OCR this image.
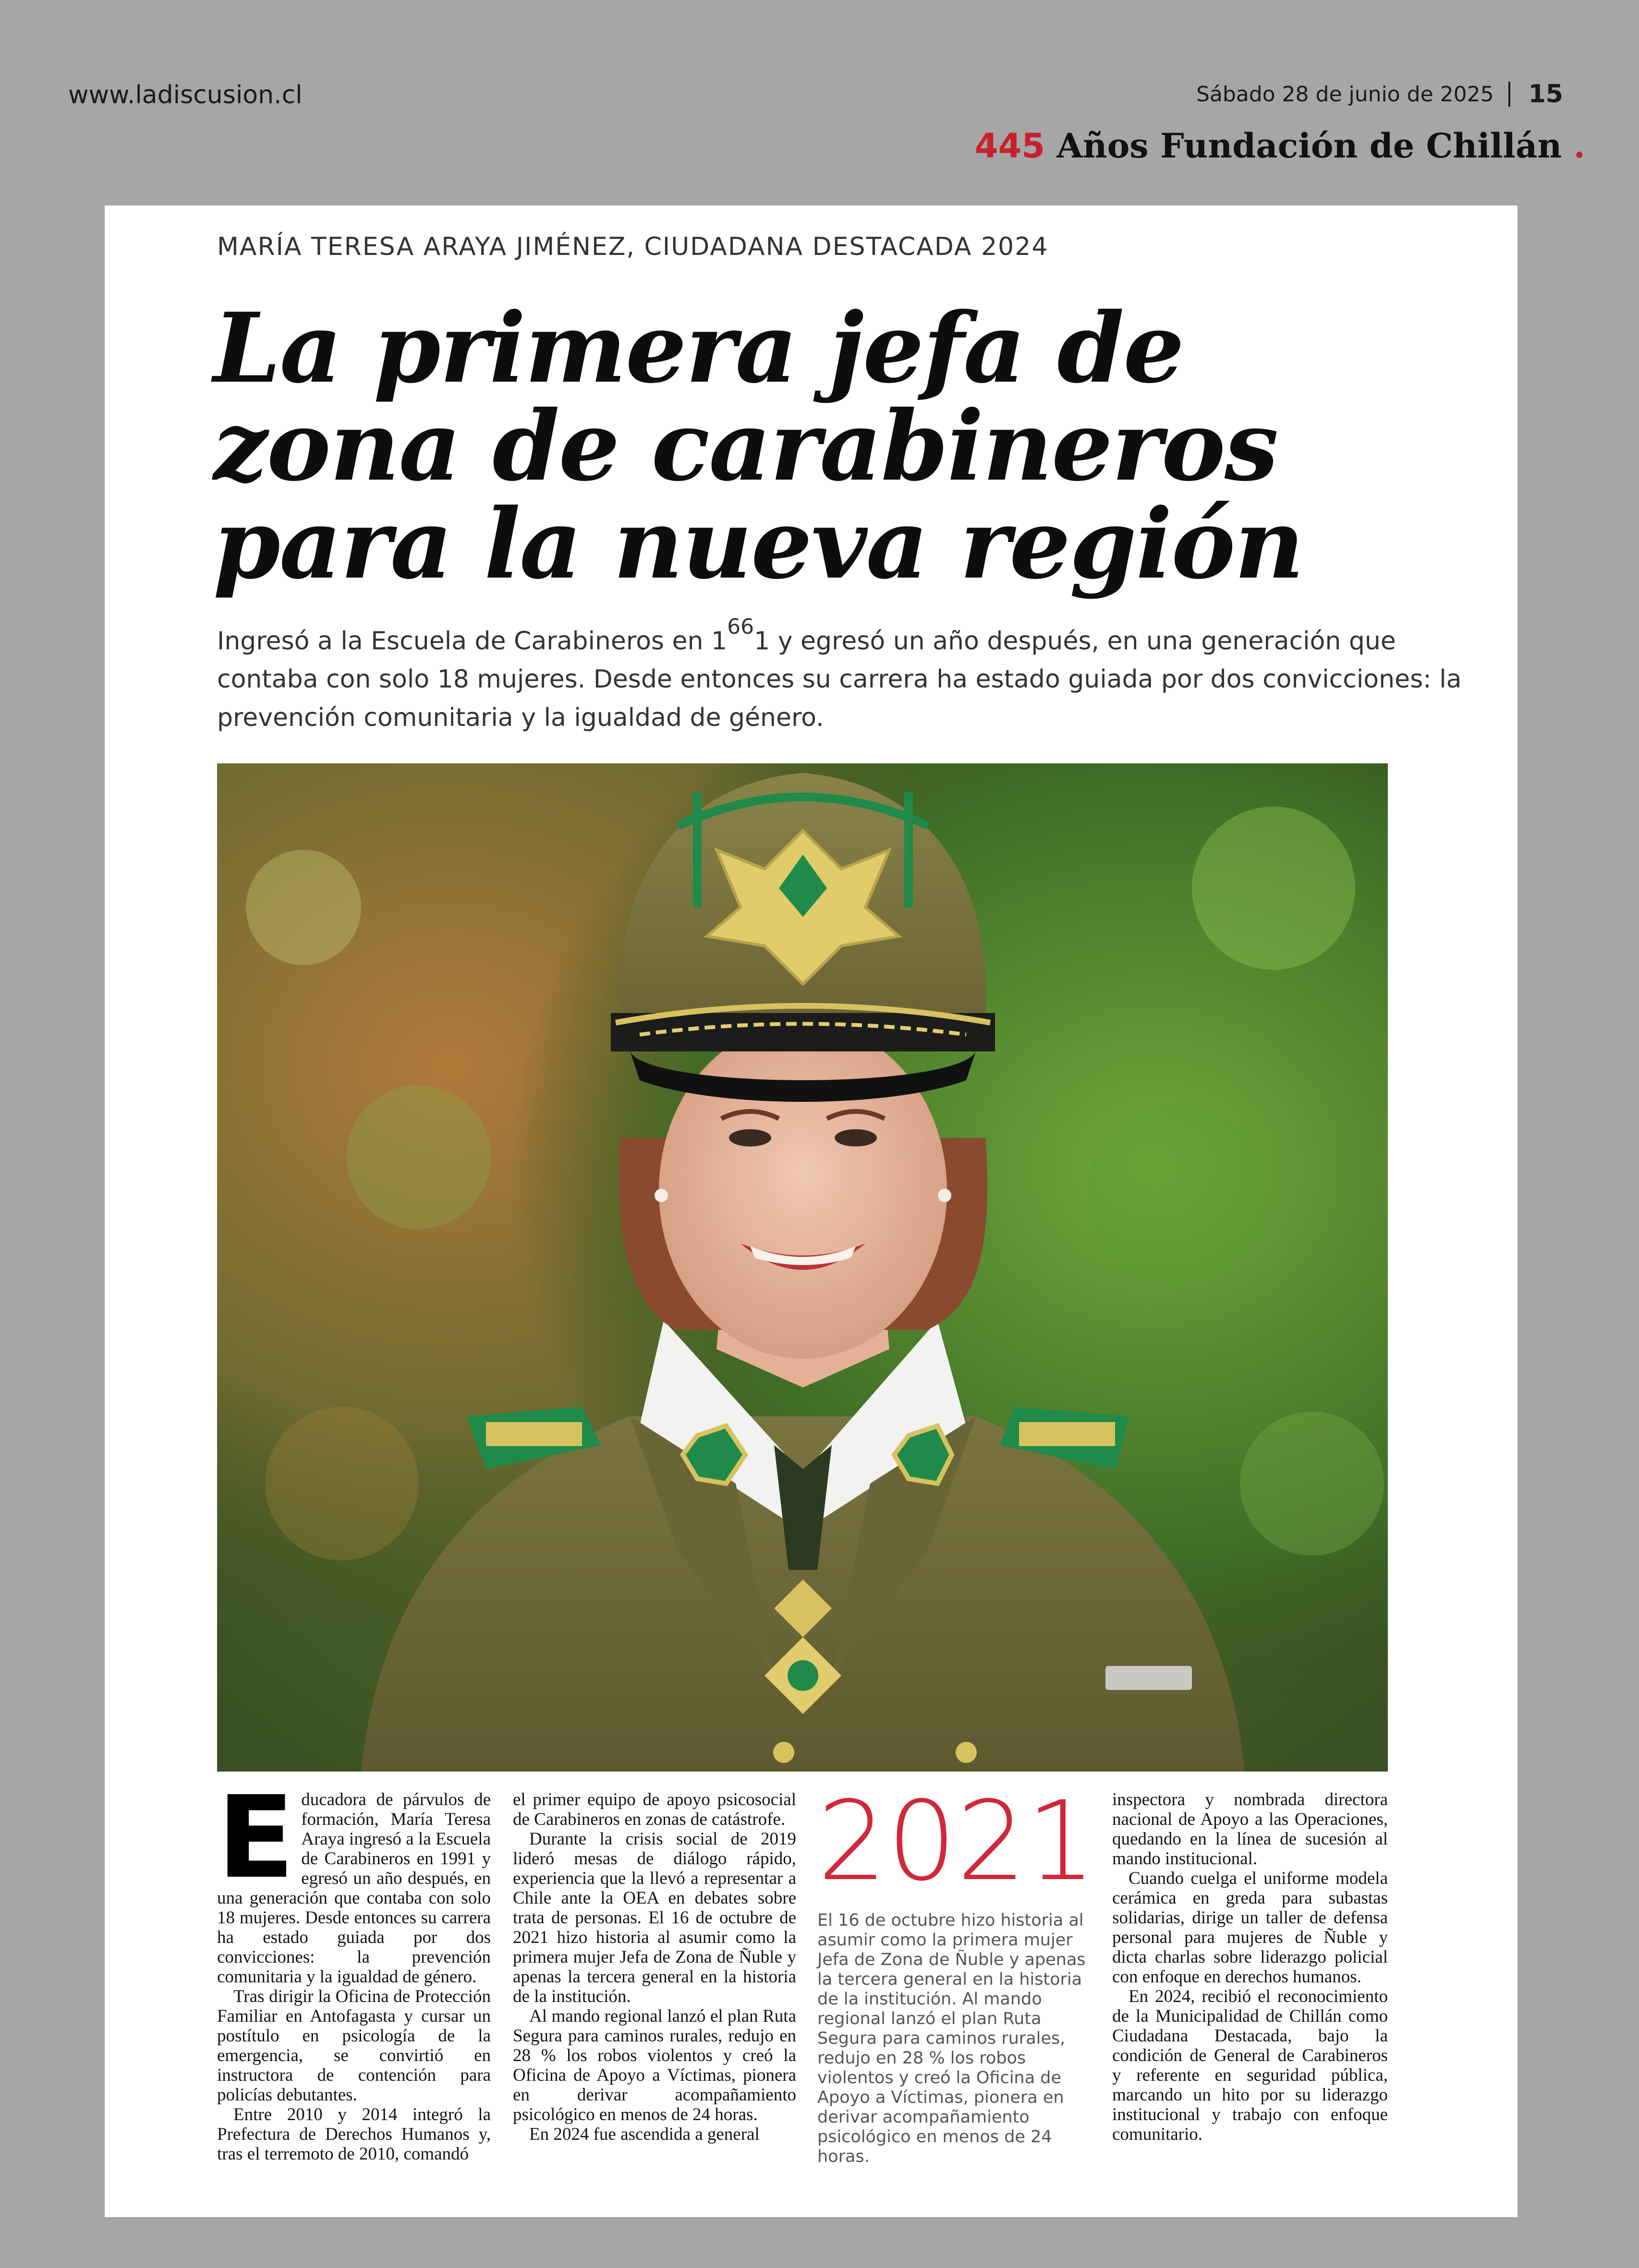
www.ladiscusion.cl	Sábado 28 de junio de 2025 15
445 Años Fundación de Chillán .
MARÍA TERESA ARAYA JIMÉNEZ, CIUDADANA DESTACADA 2024
La primera jefa de
zona de carabineros
para la nueva región
Ingresó a la Escuela de Carabineros en $1^{66}1$ y egresó un año después, en una generación que contaba con solo 18 mujeres. Desde entonces su carrera ha estado guiada por dos convicciones: la prevención comunitaria y la igualdad de género.

Educadora de párvulos de formación, María Teresa Araya ingresó a la Escuela de Carabineros en 1991 y egresó un año después, en una generación que contaba con solo 18 mujeres. Desde entonces su carrera ha estado guiada por dos convicciones: la prevención comunitaria y la igualdad de género.

Tras dirigir la Oficina de Protección Familiar en Antofagasta y cursar un postítulo en psicología de la emergencia, se convirtió en instructora de contención para policías debutantes.

Entre 2010 y 2014 integró la Prefectura de Derechos Humanos y, tras el terremoto de 2010, comandó

el primer equipo de apoyo psicosocial de Carabineros en zonas de catástrofe.

Durante la crisis social de 2019 lideró mesas de diálogo rápido, experiencia que la llevó a representar a Chile ante la OEA en debates sobre trata de personas. El 16 de octubre de 2021 hizo historia al asumir como la primera mujer Jefa de Zona de Ñuble y apenas la tercera general en la historia de la institución.

Al mando regional lanzó el plan Ruta Segura para caminos rurales, redujo en 28 % los robos violentos y creó la Oficina de Apoyo a Víctimas, pionera en derivar acompañamiento psicológico en menos de 24 horas.

En 2024 fue ascendida a general

2021
El 16 de octubre hizo historia al asumir como la primera mujer Jefa de Zona de Ñuble y apenas la tercera general en la historia de la institución. Al mando regional lanzó el plan Ruta Segura para caminos rurales, redujo en 28 % los robos violentos y creó la Oficina de Apoyo a Víctimas, pionera en derivar acompañamiento psicológico en menos de 24 horas.

inspectora y nombrada directora nacional de Apoyo a las Operaciones, quedando en la línea de sucesión al mando institucional.

Cuando cuelga el uniforme modela cerámica en greda para subastas solidarias, dirige un taller de defensa personal para mujeres de Ñuble y dicta charlas sobre liderazgo policial con enfoque en derechos humanos.

En 2024, recibió el reconocimiento de la Municipalidad de Chillán como Ciudadana Destacada, bajo la condición de General de Carabineros y referente en seguridad pública, marcando un hito por su liderazgo institucional y trabajo con enfoque comunitario.
